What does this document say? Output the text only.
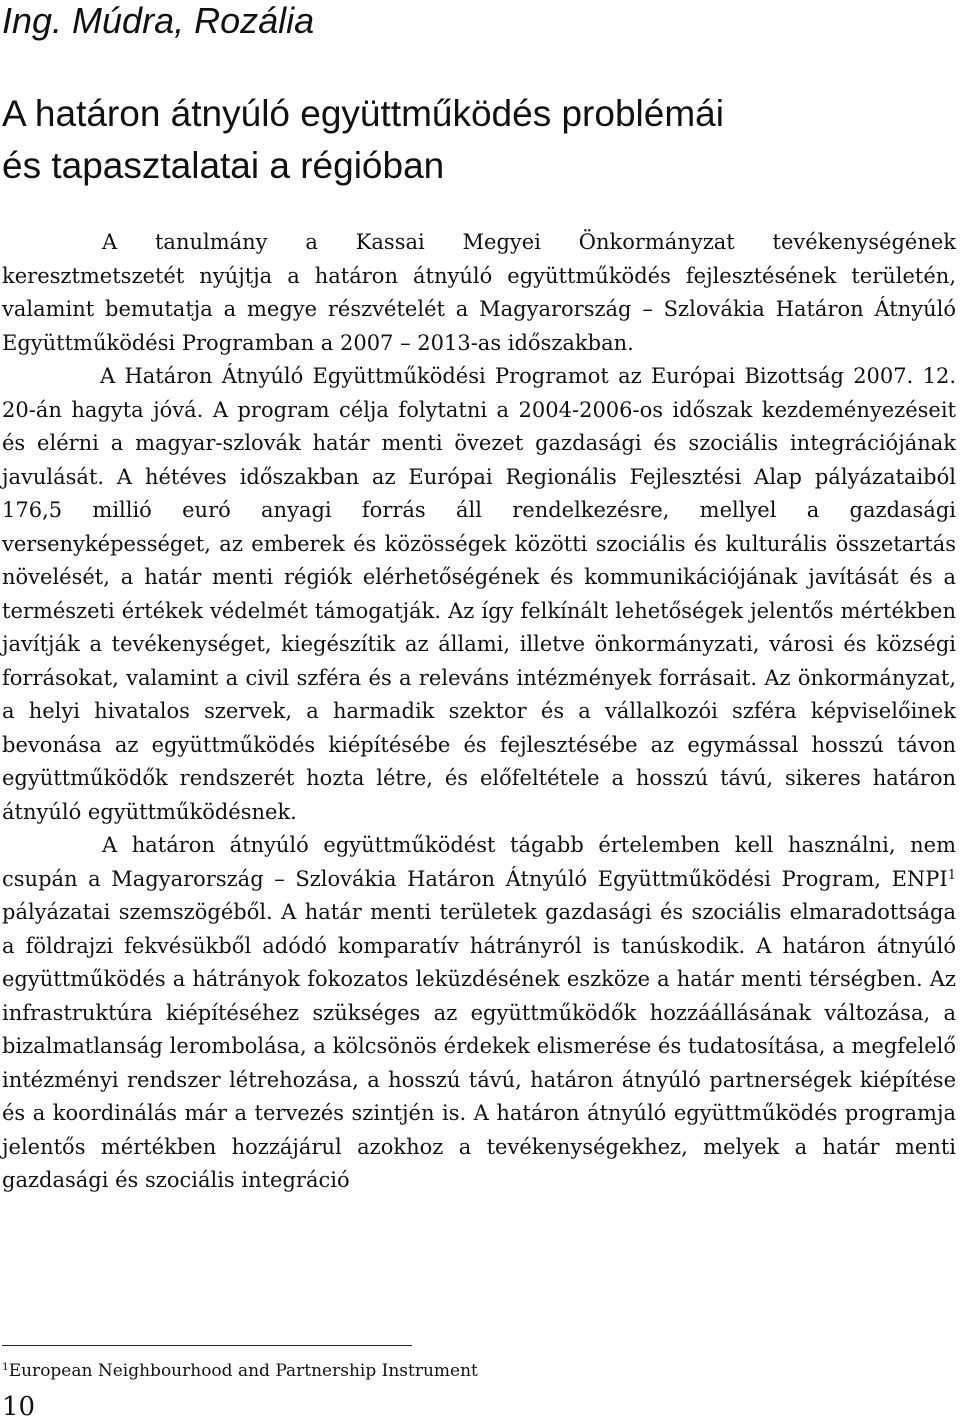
Ing. Múdra, Rozália
A határon átnyúló együttműködés problémái
és tapasztalatai a régióban

A tanulmány a Kassai Megyei Önkormányzat tevékenységének keresztmetszetét nyújtja a határon átnyúló együttműködés fejlesztésének területén, valamint bemutatja a megye részvételét a Magyarország – Szlovákia Határon Átnyúló Együttműködési Programban a 2007 – 2013-as időszakban.

A Határon Átnyúló Együttműködési Programot az Európai Bizottság 2007. 12. 20-án hagyta jóvá. A program célja folytatni a 2004-2006-os időszak kezdeményezéseit és elérni a magyar-szlovák határ menti övezet gazdasági és szociális integrációjának javulását. A hétéves időszakban az Európai Regionális Fejlesztési Alap pályázataiból 176,5 millió euró anyagi forrás áll rendelkezésre, mellyel a gazdasági versenyképességet, az emberek és közösségek közötti szociális és kulturális összetartás növelését, a határ menti régiók elérhetőségének és kommunikációjának javítását és a természeti értékek védelmét támogatják. Az így felkínált lehetőségek jelentős mértékben javítják a tevékenységet, kiegészítik az állami, illetve önkormányzati, városi és községi forrásokat, valamint a civil szféra és a releváns intézmények forrásait. Az önkormányzat, a helyi hivatalos szervek, a harmadik szektor és a vállalkozói szféra képviselőinek bevonása az együttműködés kiépítésébe és fejlesztésébe az egymással hosszú távon együttműködők rendszerét hozta létre, és előfeltétele a hosszú távú, sikeres határon átnyúló együttműködésnek.

A határon átnyúló együttműködést tágabb értelemben kell használni, nem csupán a Magyarország – Szlovákia Határon Átnyúló Együttműködési Program, ENPI$^1$ pályázatai szemszögéből. A határ menti területek gazdasági és szociális elmaradottsága a földrajzi fekvésükből adódó komparatív hátrányról is tanúskodik. A határon átnyúló együttműködés a hátrányok fokozatos leküzdésének eszköze a határ menti térségben. Az infrastruktúra kiépítéséhez szükséges az együttműködők hozzáállásának változása, a bizalmatlanság lerombolása, a kölcsönös érdekek elismerése és tudatosítása, a megfelelő intézményi rendszer létrehozása, a hosszú távú, határon átnyúló partnerségek kiépítése és a koordinálás már a tervezés szintjén is. A határon átnyúló együttműködés programja jelentős mértékben hozzájárul azokhoz a tevékenységekhez, melyek a határ menti gazdasági és szociális integráció

$^1$European Neighbourhood and Partnership Instrument
10
